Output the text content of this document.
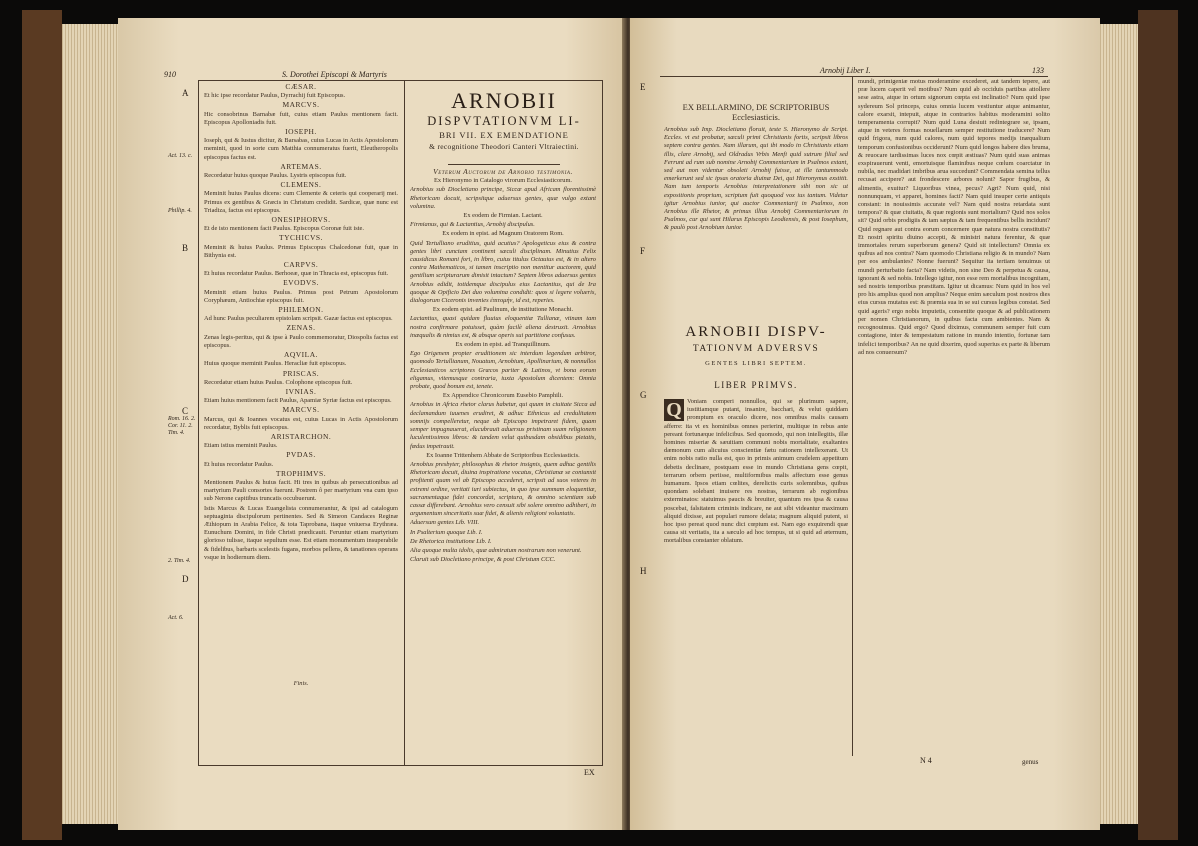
910	S. Dorothei Episcopi & Martyris
A
B
C
D
Act. 13. c.
Phillip. 4.
Rom. 16. 2. Cor. 11. 2. Tim. 4.
2. Tim. 4.
Act. 6.
CÆSAR.

Et hic ipse recordatur Paulus, Dyrrachij fuit Episcopus.

MARCVS.

Hic consobrinus Barnabæ fuit, cuius etiam Paulus mentionem facit. Episcopus Apolloniadis fuit.

IOSEPH.

Ioseph, qui & Iustus dicitur, & Barsabas, cuius Lucas in Actis Apostolorum meminit, quod in sorte cum Matthia connumeratus fuerit, Eleutheropolis episcopus factus est.

ARTEMAS.

Recordatur huius quoque Paulus. Lystris episcopus fuit.

CLEMENS.

Meminit huius Paulus dicens: cum Clemente & ceteris qui cooperarij mei. Primus ex gentibus & Græcis in Christum credidit. Sardicæ, quæ nunc est Triadiza, factus est episcopus.

ONESIPHORVS.

Et de isto mentionem facit Paulus. Episcopus Coronæ fuit iste.

TYCHICVS.

Meminit & huius Paulus. Primus Episcopus Chalcedonæ fuit, quæ in Bithynia est.

CARPVS.

Et huius recordatur Paulus. Berhoeæ, quæ in Thracia est, episcopus fuit.

EVODVS.

Meminit etiam huius Paulus. Primus post Petrum Apostolorum Coryphæum, Antiochiæ episcopus fuit.

PHILEMON.

Ad hunc Paulus peculiarem epistolam scripsit. Gazæ factus est episcopus.

ZENAS.

Zenas legis-peritus, qui & ipse à Paulo commemoratur, Diospolis factus est episcopus.

AQVILA.

Huius quoque meminit Paulus. Heracliæ fuit episcopus.

PRISCAS.

Recordatur etiam huius Paulus. Colophone episcopus fuit.

IVNIAS.

Etiam huius mentionem facit Paulus, Apamiæ Syriæ factus est episcopus.

MARCVS.

Marcus, qui & Ioannes vocatus est, cuius Lucas in Actis Apostolorum recordatur, Byblis fuit episcopus.

ARISTARCHON.

Etiam istius meminit Paulus.

PVDAS.

Et huius recordatur Paulus.

TROPHIMVS.

Mentionem Paulus & huius facit. Hi tres in quibus ab persecutionibus ad martyrium Pauli consortes fuerunt. Postrem ô per martyrium vna cum ipso sub Nerone capitibus truncatis occubuerunt.

Istis Marcus & Lucas Euangelista connumerantur, & ipsi ad catalogum septuaginta discipulorum pertinentes. Sed & Simeon Candaces Reginæ Æthiopum in Arabia Felice, & tota Taprobana, itaque vniuersa Erythræa. Eunuchum Domini, in fide Christi prædicauit. Feruntur etiam martyrium glorioso tulisse, itaque sepultum esse. Est etiam monumentum insuperabile & fidelibus, barbaris scelestis fugans, morbos pellens, & tanationes operans vsque in hodiernum diem.

Finis.
ARNOBII
DISPVTATIONVM LI-
BRI VII. EX EMENDATIONE
& recognitione Theodori Canteri Vltraiectini.

Veterum Auctorum de Arnobio testimonia.

Ex Hieronymo in Catalogo virorum Ecclesiasticorum.

Arnobius sub Diocletiano principe, Siccæ apud Africam florentissimè Rhetoricam docuit, scripsitque aduersus gentes, quæ vulgo extant volumina.

Ex eodem de Firmian. Lactant.

Firmianus, qui & Lactantius, Arnobij discipulus.

Ex eodem in epist. ad Magnum Oratorem Rom.

Quid Tertulliano eruditius, quid acutius? Apologeticus eius & contra gentes libri cunctam continent sæculi disciplinam. Minutius Felix causidicus Romani fori, in libro, cuius titulus Octauius est, & in altero contra Mathematicos, si tamen inscriptio non mentitur auctorem, quid gentilium scripturarum dimisit intactum? Septem libros aduersus gentes Arnobius edidit, totidemque discipulus eius Lactantius, qui de Ira quoque & Opificio Dei duo volumina condidit: quos si legere volueris, dialogorum Ciceronis invenies ἐπιτομήν, id est, reperies.

Ex eodem epist. ad Paulinum, de institutione Monachi.

Lactantius, quasi quidam fluuius eloquentiæ Tullianæ, vtinam tam nostra confirmare potuisset, quàm facilè aliena destruxit. Arnobius inæqualis & nimius est, & absque operis sui partitione confusus.

Ex eodem in epist. ad Tranquillinum.

Ego Origenem propter eruditionem sic interdum legendum arbitror, quomodo Tertullianum, Nouatum, Arnobium, Apollinarium, & nonnullos Ecclesiasticos scriptores Græcos pariter & Latinos, vt bona eorum eligamus, vitemusque contraria, iuxta Apostolum dicentem: Omnia probate, quod bonum est, tenete.

Ex Appendice Chronicorum Eusebio Pamphili.

Arnobius in Africa rhetor clarus habetur, qui quum in ciuitate Sicca ad declamandum iuuenes erudiret, & adhuc Ethnicus ad credulitatem somnijs compelleretur, neque ab Episcopo impetraret fidem, quam semper impugnauerat, elucubrauit aduersus pristinam suam religionem luculentissimos libros: & tandem velut quibusdam obsidibus pietatis, fœdus impetrauit.

Ex Ioanne Trittenhem Abbate de Scriptoribus Ecclesiasticis.

Arnobius presbyter, philosophus & rhetor insignis, quem adhuc gentilis Rhetoricam docuit, diuina inspiratione vocatus, Christianæ se coniunxit profitenti quam vel ab Episcopo accederet, scripsit ad suos veteres in extremi ordine, veritati iuri subiectus, in quo ipse summam eloquentiæ, sacramentaque fidei concordat, scriptura, & omnino scientiam sub cassæ differebant. Arnobius vero censuit sibi solere omnino adhiberi, in argumentum sinceritatis suæ fidei, & alienis religioni voluntatis.

Aduersum gentes Lib. VIII.

In Psalterium quoque Lib. I.

De Rhetorica institutione Lib. I.

Alia quoque multa idolis, quæ admiratum nostrarum non venerunt.

Claruit sub Diocletiano principe, & post Christum CCC.

EX
Arnobij Liber I.	133
E
F
G
H
EX BELLARMINO, DE SCRIPTORIBUS Ecclesiasticis.
Arnobius sub Imp. Diocletiano floruit, teste S. Hieronymo de Script. Eccles. vt est probatur, sæculi primi Christianis fortis, scripsit libros septem contra gentes. Nam illarum, qui ibi modo in Christianis etiam illis, clare Arnobij, sed Oldradus Vrbis Menfi quid sutrum filial sed Ferrunt ad rum sub nomine Arnobij Commentarium in Psalmos extant, sed aut non videntur obsoleti Arnobij fuisse, at ille tantummodo emerkerunt sed sic ipsas oratoria diuinæ Dei, qui Hieronymus exstitit. Nam tum temporis Arnobius interpretationem sibi non sic ut expositionis proprium, scriptum fuit quoquod vox ius tantum. Videtur igitur Arnobius iunior, qui auctor Commentarij in Psalmos, non Arnobius ille Rhetor, & primus illius Arnobij Commentariorum in Psalmos, cur qui sunt Hilarus Episcopis Leodiensis, & post Iosephum, & paulò post Arnobium iunior.
ARNOBII DISPV-
TATIONVM ADVERSVS
GENTES LIBRI SEPTEM.
LIBER PRIMVS.
Q Voniam comperi nonnullos, qui se plurimum sapere, iustitiamque putant, insanire, bacchari, & velut quiddam promptum ex oraculo dicere, nos omnibus malis causam afferre: ita vt ex hominibus omnes perierint, multique in rebus ante pereant fortunæque infelicibus. Sed quomodo, qui non intellegitis, illæ homines miseriæ & sæuitiam communi nobis mortalitate, exaltantes dæmonum cum alicuius conscientiæ fætu rationem intellexerant. Ut enim nobis ratio nulla est, quo in primis animum crudelem appetitum debetis declinare, postquam esse in mundo Christiana gens cœpit, terrarum orbem periisse, multiformibus malis affectum esse genus humanum. Ipsos etiam cœlites, derelictis curis solemnibus, quibus quondam solebant inuisere res nostras, terrarum ab regionibus exterminatos: statuimus paucis & breuiter, quantum res ipsa & causa poscebat, falsitatem criminis indicare, ne aut sibi videantur maximum aliquid dixisse, aut populari rumore delata; magnum aliquid putent, si hoc ipso pereat quod nunc dici cœptum est. Nam ego exquirendi quæ causa sit veritatis, ita a sæculo ad hoc tempus, ut si quid ad æternum, mortalibus constanter oblatum.
mundi, primigeniæ motus moderamine excederet, aut tandem tepere, aut præ lucem caperit vel motibus? Num quid ab occiduis partibus attollere sese astra, atque in ortum signorum cœpta est inclinatio? Num quid ipse sydereum Sol princeps, cuius omnia lucem vestiuntur atque animantur, calore exarsit, intepuit, atque in contrarios habitus moderamini solito temperamenta corrupit? Num quid Luna desiuit redintegrare se, ipsam, atque in veteres formas nouellarum semper restitutione traducere? Num quid frigora, num quid calores, num quid tepores medijs inæqualium temporum confusionibus occiderunt? Num quid longos habere dies bruma, & reuocare tardissimas luces nox cœpit æstiuas? Num quid suas animas exspirauerunt venti, emortuisque flaminibus neque cœlum coarctatur in nubila, nec madidari imbribus arua succedunt? Commendata semina tellus recusat accipere? aut frondescere arbores nolunt? Sapor frugibus, & alimentis, exuitur? Liquoribus vinea, pecus? Agri? Num quid, nisi nonnunquam, vt apparet, homines facti? Nam quid insuper certe antiquis constant: in nouissimis accurate vel? Nam quid nostra retardata sunt tempora? & quæ ciuitatis, & quæ regionis sunt mortalium? Quid nos solos sit? Quid orbis prodigiis & tam sæpius & tam frequentibus bellis incidunt? Quid regnare aut contra eorum concernere quæ natura nostra constitutis? Et nostri spiritu diuino accepti, & ministri natura ferentur, & quæ immortales rerum superborum genera? Quid sit intellectum? Omnia ex quibus ad nos contra? Nam quomodo Christiana religio & in mundo? Nam per eos ambulantes? Nonne fuerunt? Sequitur ita tertiam tenuimus ut mundi perturbatio facta? Nam videtis, non sine Deo & perpetua & causa, ignorant & sed nobis. Intellego igitur, non esse rem mortalibus incognitam, sed nostris temporibus præstitam. Igitur ut dicamus: Num quid in hos vel pro his amplius quod non amplius? Neque enim sæculum post nostros dies eius cursus mutatus est: & præmia sua in se sui cursus legibus constat. Sed quid ageris? ergo nobis imputetis, consentite quoque & ad publicationem per nomen Christianorum, in quibus facta cum ambientes. Nam & recognouimus. Quid ergo? Quod diximus, communem semper fuit cum contagione, inter & tempestatum ratione in mundo intentio, fortunæ tam infelici temporibus? An ne quid dixerim, quod superius ex parte & liberum ad nos conuersum?
N 4	genus
